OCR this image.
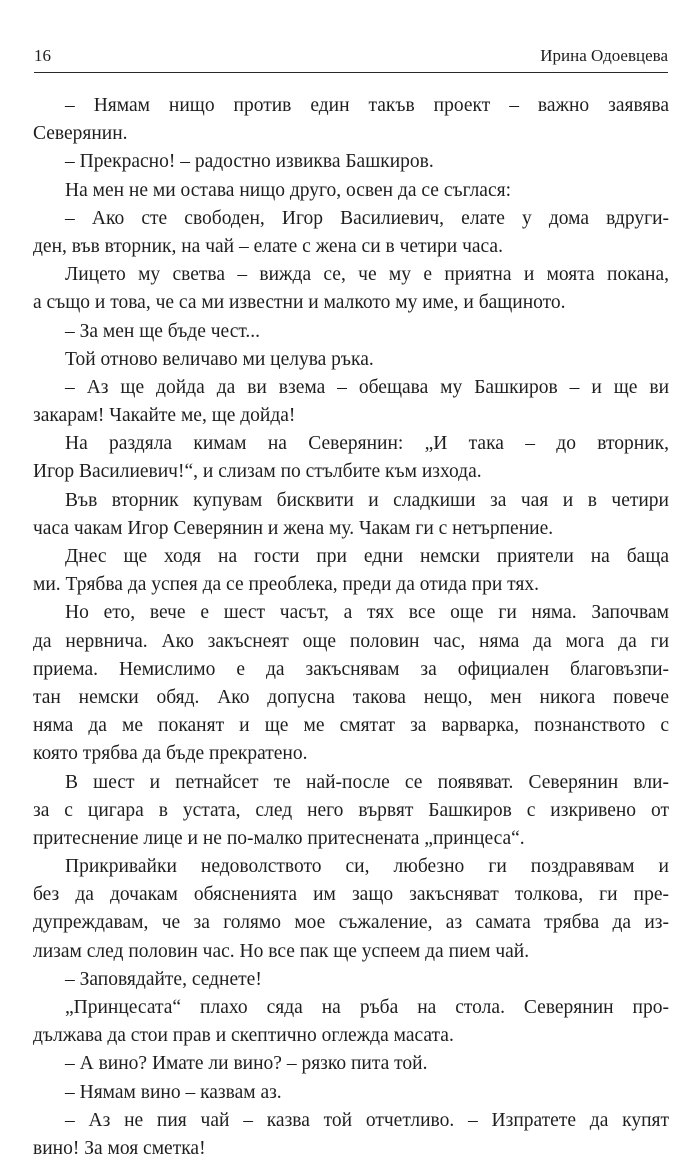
16	Ирина Одоевцева
– Нямам нищо против един такъв проект – важно заявява
Северянин.
– Прекрасно! – радостно извиква Башкиров.
На мен не ми остава нищо друго, освен да се съглася:
– Ако сте свободен, Игор Василиевич, елате у дома вдруги-
ден, във вторник, на чай – елате с жена си в четири часа.
Лицето му светва – вижда се, че му е приятна и моята покана,
а също и това, че са ми известни и малкото му име, и бащиното.
– За мен ще бъде чест...
Той отново величаво ми целува ръка.
– Аз ще дойда да ви взема – обещава му Башкиров – и ще ви
закарам! Чакайте ме, ще дойда!
На раздяла кимам на Северянин: „И така – до вторник,
Игор Василиевич!“, и слизам по стълбите към изхода.
Във вторник купувам бисквити и сладкиши за чая и в четири
часа чакам Игор Северянин и жена му. Чакам ги с нетърпение.
Днес ще ходя на гости при едни немски приятели на баща
ми. Трябва да успея да се преоблека, преди да отида при тях.
Но ето, вече е шест часът, а тях все още ги няма. Започвам
да нервнича. Ако закъснеят още половин час, няма да мога да ги
приема. Немислимо е да закъснявам за официален благовъзпи-
тан немски обяд. Ако допусна такова нещо, мен никога повече
няма да ме поканят и ще ме смятат за варварка, познанството с
която трябва да бъде прекратено.
В шест и петнайсет те най-после се появяват. Северянин вли-
за с цигара в устата, след него вървят Башкиров с изкривено от
притеснение лице и не по-малко притеснената „принцеса“.
Прикривайки недоволството си, любезно ги поздравявам и
без да дочакам обясненията им защо закъсняват толкова, ги пре-
дупреждавам, че за голямо мое съжаление, аз самата трябва да из-
лизам след половин час. Но все пак ще успеем да пием чай.
– Заповядайте, седнете!
„Принцесата“ плахо сяда на ръба на стола. Северянин про-
дължава да стои прав и скептично оглежда масата.
– А вино? Имате ли вино? – рязко пита той.
– Нямам вино – казвам аз.
– Аз не пия чай – казва той отчетливо. – Изпратете да купят
вино! За моя сметка!
